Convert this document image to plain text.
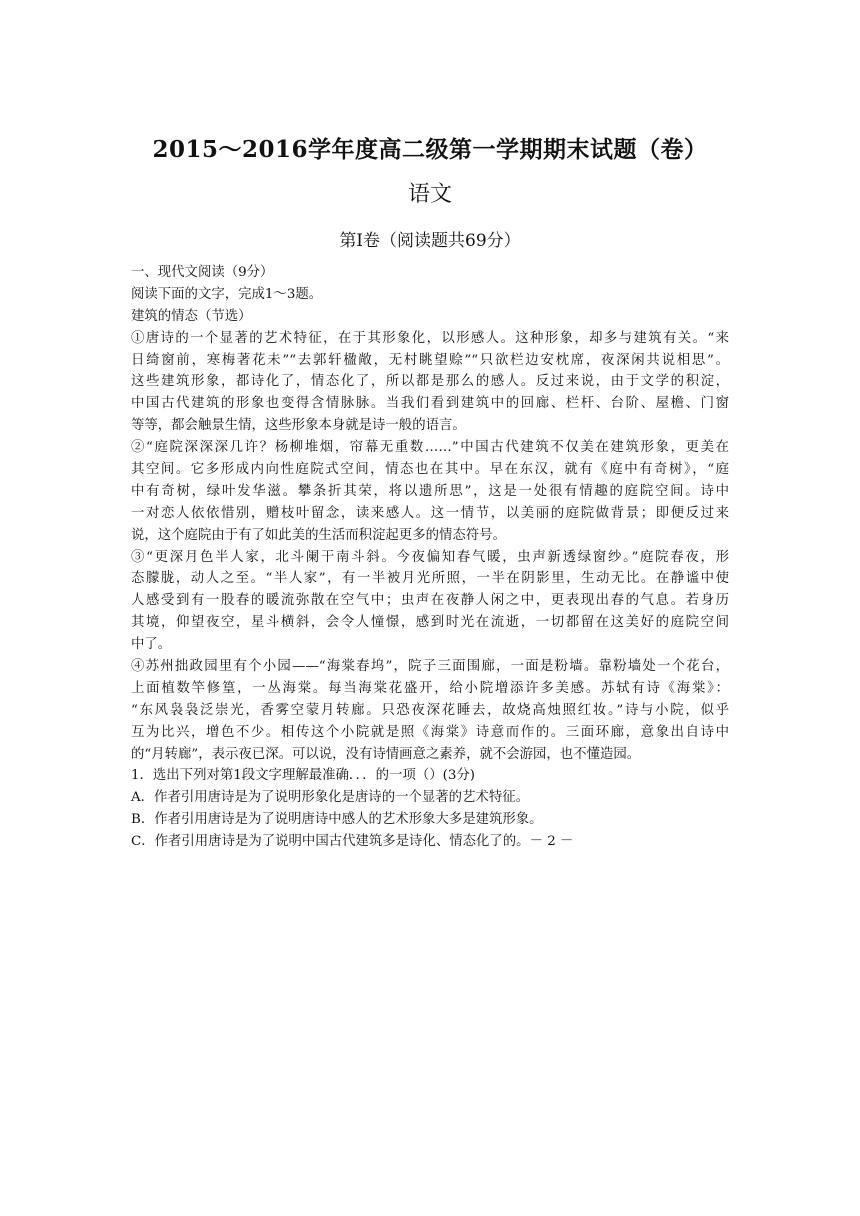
2015～2016学年度高二级第一学期期末试题（卷）
语文
第Ⅰ卷（阅读题共69分）
一、现代文阅读（9分）
阅读下面的文字，完成1～3题。
建筑的情态（节选）
①唐诗的一个显著的艺术特征，在于其形象化，以形感人。这种形象，却多与建筑有关。“来
日绮窗前，寒梅著花未”“去郭轩楹敞，无村眺望赊”“只欲栏边安枕席，夜深闲共说相思”。
这些建筑形象，都诗化了，情态化了，所以都是那么的感人。反过来说，由于文学的积淀，
中国古代建筑的形象也变得含情脉脉。当我们看到建筑中的回廊、栏杆、台阶、屋檐、门窗
等等，都会触景生情，这些形象本身就是诗一般的语言。
②“庭院深深深几许？杨柳堆烟，帘幕无重数……”中国古代建筑不仅美在建筑形象，更美在
其空间。它多形成内向性庭院式空间，情态也在其中。早在东汉，就有《庭中有奇树》，“庭
中有奇树，绿叶发华滋。攀条折其荣，将以遗所思”，这是一处很有情趣的庭院空间。诗中
一对恋人依依惜别，赠枝叶留念，读来感人。这一情节，以美丽的庭院做背景；即便反过来
说，这个庭院由于有了如此美的生活而积淀起更多的情态符号。
③“更深月色半人家，北斗阑干南斗斜。今夜偏知春气暖，虫声新透绿窗纱。”庭院春夜，形
态朦胧，动人之至。“半人家”，有一半被月光所照，一半在阴影里，生动无比。在静谧中使
人感受到有一股春的暖流弥散在空气中；虫声在夜静人闲之中，更表现出春的气息。若身历
其境，仰望夜空，星斗横斜，会令人憧憬，感到时光在流逝，一切都留在这美好的庭院空间
中了。
④苏州拙政园里有个小园——“海棠春坞”，院子三面围廊，一面是粉墙。靠粉墙处一个花台，
上面植数竿修篁，一丛海棠。每当海棠花盛开，给小院增添许多美感。苏轼有诗《海棠》：
“东风袅袅泛崇光，香雾空蒙月转廊。只恐夜深花睡去，故烧高烛照红妆。”诗与小院，似乎
互为比兴，增色不少。相传这个小院就是照《海棠》诗意而作的。三面环廊，意象出自诗中
的“月转廊”，表示夜已深。可以说，没有诗情画意之素养，就不会游园，也不懂造园。
1．选出下列对第1段文字理解最准确．．．的一项（）(3分)
A．作者引用唐诗是为了说明形象化是唐诗的一个显著的艺术特征。
B．作者引用唐诗是为了说明唐诗中感人的艺术形象大多是建筑形象。
C．作者引用唐诗是为了说明中国古代建筑多是诗化、情态化了的。－ 2 －
